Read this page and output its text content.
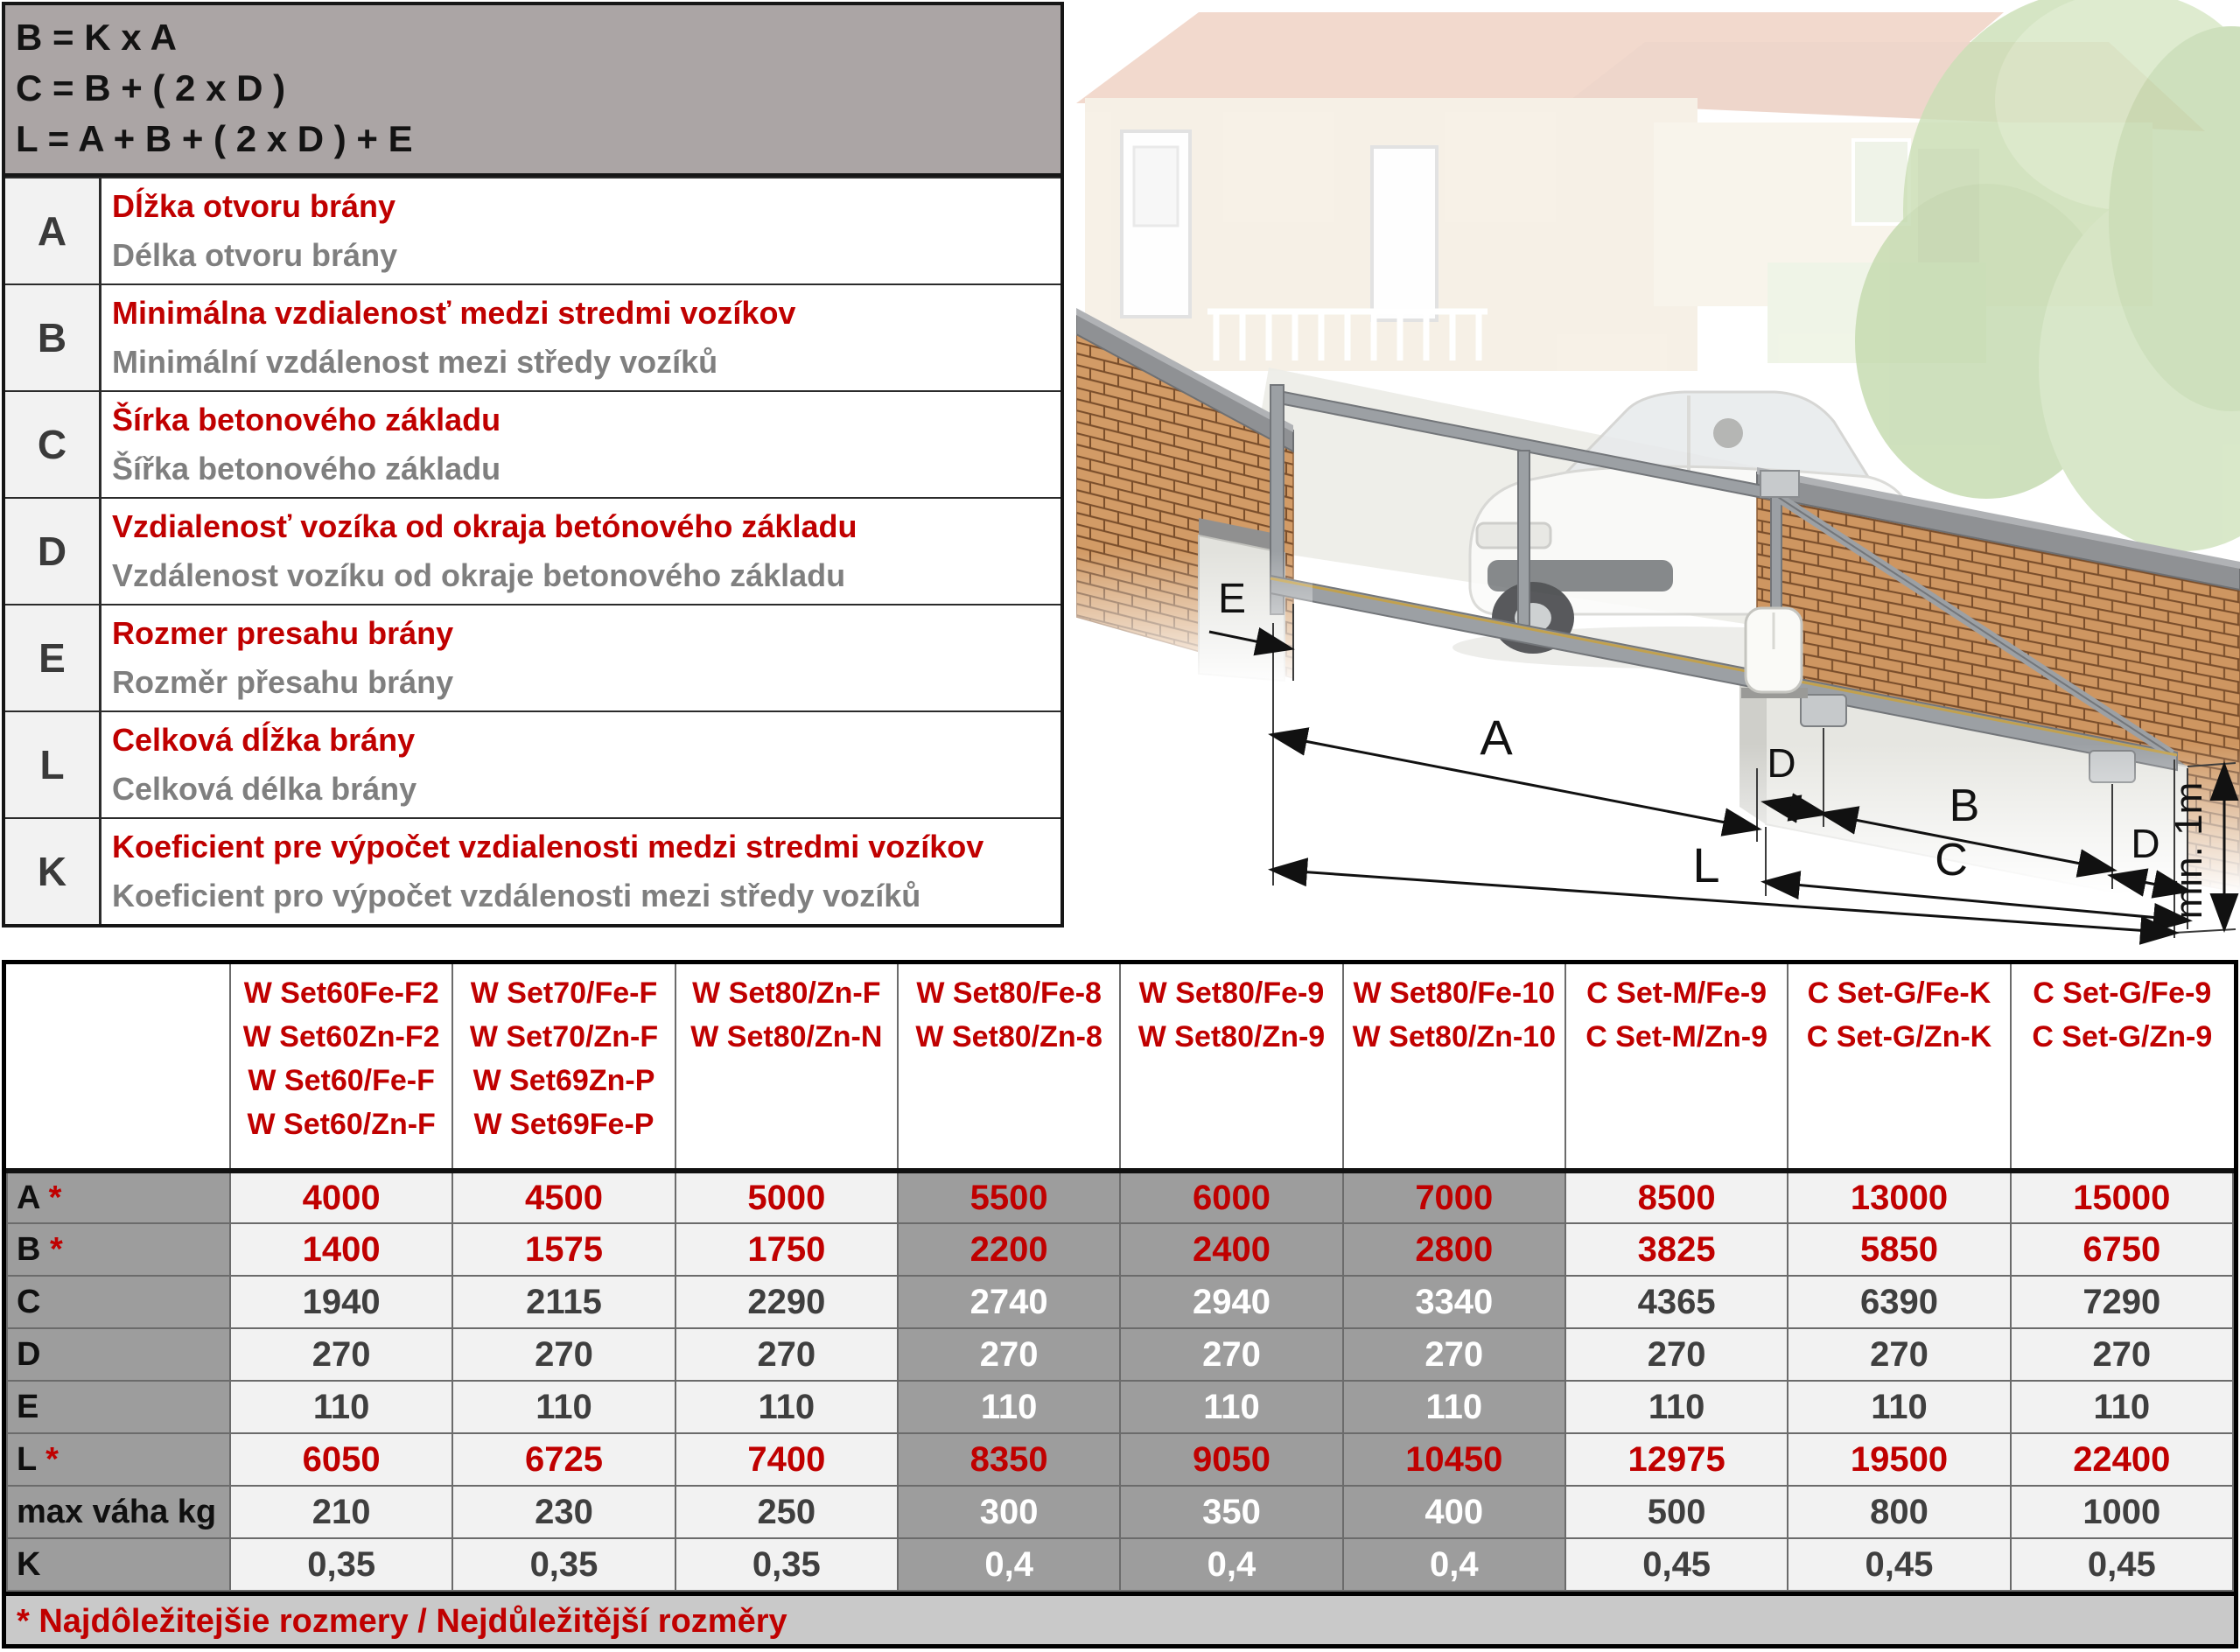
B = K x A
C = B + ( 2 x D )
L = A + B + ( 2 x D ) + E
A
Dĺžka otvoru brány
Délka otvoru brány
B
Minimálna vzdialenosť medzi stredmi vozíkov
Minimální vzdálenost mezi středy vozíků
C
Šírka betonového základu
Šířka betonového základu
D
Vzdialenosť vozíka od okraja betónového základu
Vzdálenost vozíku od okraje betonového základu
E
Rozmer presahu brány
Rozměr přesahu brány
L
Celková dĺžka brány
Celková délka brány
K
Koeficient pre výpočet vzdialenosti medzi stredmi vozíkov
Koeficient pro výpočet vzdálenosti mezi středy vozíků
E
A	D
B
D
C
L	min. 1m

W Set60Fe-F2
W Set60Zn-F2
W Set60/Fe-F
W Set60/Zn-F

W Set70/Fe-F
W Set70/Zn-F
W Set69Zn-P
W Set69Fe-P

W Set80/Zn-F
W Set80/Zn-N

W Set80/Fe-8
W Set80/Zn-8

W Set80/Fe-9
W Set80/Zn-9

W Set80/Fe-10
W Set80/Zn-10

C Set-M/Fe-9
C Set-M/Zn-9

C Set-G/Fe-K
C Set-G/Zn-K

C Set-G/Fe-9
C Set-G/Zn-9

A *	4000	4500	5000	5500	6000	7000	8500	13000	15000
B *	1400	1575	1750	2200	2400	2800	3825	5850	6750
C	1940	2115	2290	2740	2940	3340	4365	6390	7290
D	270	270	270	270	270	270	270	270	270
E	110	110	110	110	110	110	110	110	110
L *	6050	6725	7400	8350	9050	10450	12975	19500	22400
max váha kg	210	230	250	300	350	400	500	800	1000
K	0,35	0,35	0,35	0,4	0,4	0,4	0,45	0,45	0,45
* Najdôležitejšie rozmery / Nejdůležitější rozměry
